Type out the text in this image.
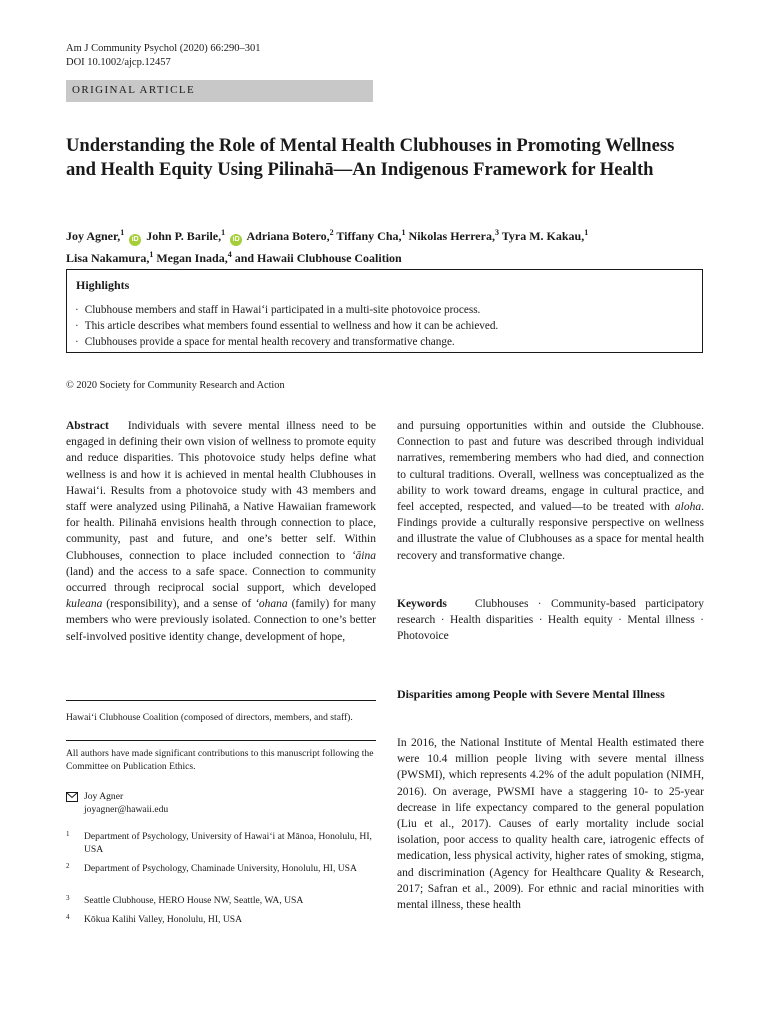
Am J Community Psychol (2020) 66:290–301
DOI 10.1002/ajcp.12457
ORIGINAL ARTICLE
Understanding the Role of Mental Health Clubhouses in Promoting Wellness and Health Equity Using Pilinahā—An Indigenous Framework for Health
Joy Agner,$^1$ iD John P. Barile,$^1$ iD Adriana Botero,$^2$ Tiffany Cha,$^1$ Nikolas Herrera,$^3$ Tyra M. Kakau,$^1$
Lisa Nakamura,$^1$ Megan Inada,$^4$ and Hawaii Clubhouse Coalition
Highlights
· Clubhouse members and staff in Hawaiʻi participated in a multi-site photovoice process.
· This article describes what members found essential to wellness and how it can be achieved.
· Clubhouses provide a space for mental health recovery and transformative change.
© 2020 Society for Community Research and Action
Abstract Individuals with severe mental illness need to be engaged in defining their own vision of wellness to promote equity and reduce disparities. This photovoice study helps define what wellness is and how it is achieved in mental health Clubhouses in Hawaiʻi. Results from a photovoice study with 43 members and staff were analyzed using Pilinahā, a Native Hawaiian framework for health. Pilinahā envisions health through connection to place, community, past and future, and one’s better self. Within Clubhouses, connection to place included connection to ʻāina (land) and the access to a safe space. Connection to community occurred through reciprocal social support, which developed kuleana (responsibility), and a sense of ʻohana (family) for many members who were previously isolated. Connection to one’s better self-involved positive identity change, development of hope,
and pursuing opportunities within and outside the Clubhouse. Connection to past and future was described through individual narratives, remembering members who had died, and connection to cultural traditions. Overall, wellness was conceptualized as the ability to work toward dreams, engage in cultural practice, and feel accepted, respected, and valued—to be treated with aloha. Findings provide a culturally responsive perspective on wellness and illustrate the value of Clubhouses as a space for mental health recovery and transformative change.
Keywords Clubhouses · Community-based participatory research · Health disparities · Health equity · Mental illness · Photovoice
Hawaiʻi Clubhouse Coalition (composed of directors, members, and staff).
All authors have made significant contributions to this manuscript following the Committee on Publication Ethics.
Joy Agner
joyagner@hawaii.edu
1 Department of Psychology, University of Hawaiʻi at Mānoa, Honolulu, HI, USA
2 Department of Psychology, Chaminade University, Honolulu, HI, USA
3 Seattle Clubhouse, HERO House NW, Seattle, WA, USA
4 Kōkua Kalihi Valley, Honolulu, HI, USA
Disparities among People with Severe Mental Illness
In 2016, the National Institute of Mental Health estimated there were 10.4 million people living with severe mental illness (PWSMI), which represents 4.2% of the adult population (NIMH, 2016). On average, PWSMI have a staggering 10- to 25-year decrease in life expectancy compared to the general population (Liu et al., 2017). Causes of early mortality include social isolation, poor access to quality health care, iatrogenic effects of medication, less physical activity, higher rates of smoking, stigma, and discrimination (Agency for Healthcare Quality & Research, 2017; Safran et al., 2009). For ethnic and racial minorities with mental illness, these health
